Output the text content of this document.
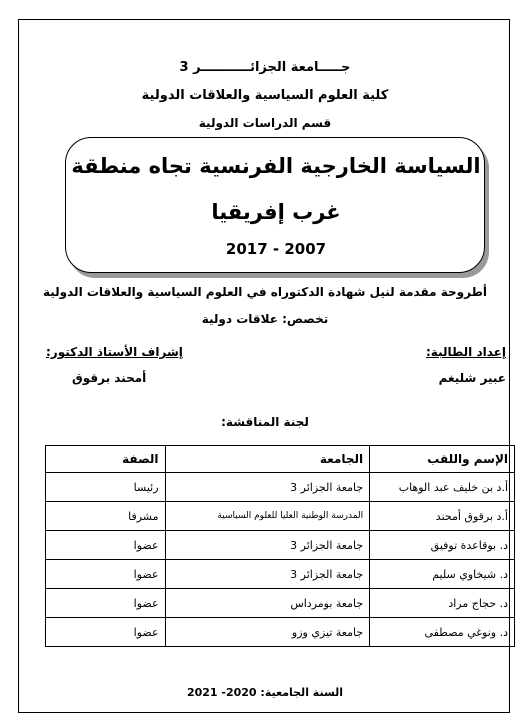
جـــــامعة الجزائـــــــــــر 3
كلية العلوم السياسية والعلاقات الدولية
قسم الدراسات الدولية
السياسة الخارجية الفرنسية تجاه منطقة
غرب إفريقيا
2017 - 2007
أطروحة مقدمة لنيل شهادة الدكتوراه في العلوم السياسية والعلاقات الدولية
تخصص: علاقات دولية
إعداد الطالبة:
إشراف الأستاذ الدكتور:
عبير شليغم
أمحند برقوق
لجنة المناقشة:
الإسم واللقب	الجامعة	الصفة
أ.د بن خليف عبد الوهاب	جامعة الجزائر 3	رئيسا
أ.د برقوق أمحند	المدرسة الوطنية العليا للعلوم السياسية	مشرفا
د. بوقاعدة توفيق	جامعة الجزائر 3	عضوا
د. شيخاوي سليم	جامعة الجزائر 3	عضوا
د. حجاج مراد	جامعة بومرداس	عضوا
د. ونوغي مصطفى	جامعة تيزي وزو	عضوا
السنة الجامعية: 2020- 2021
